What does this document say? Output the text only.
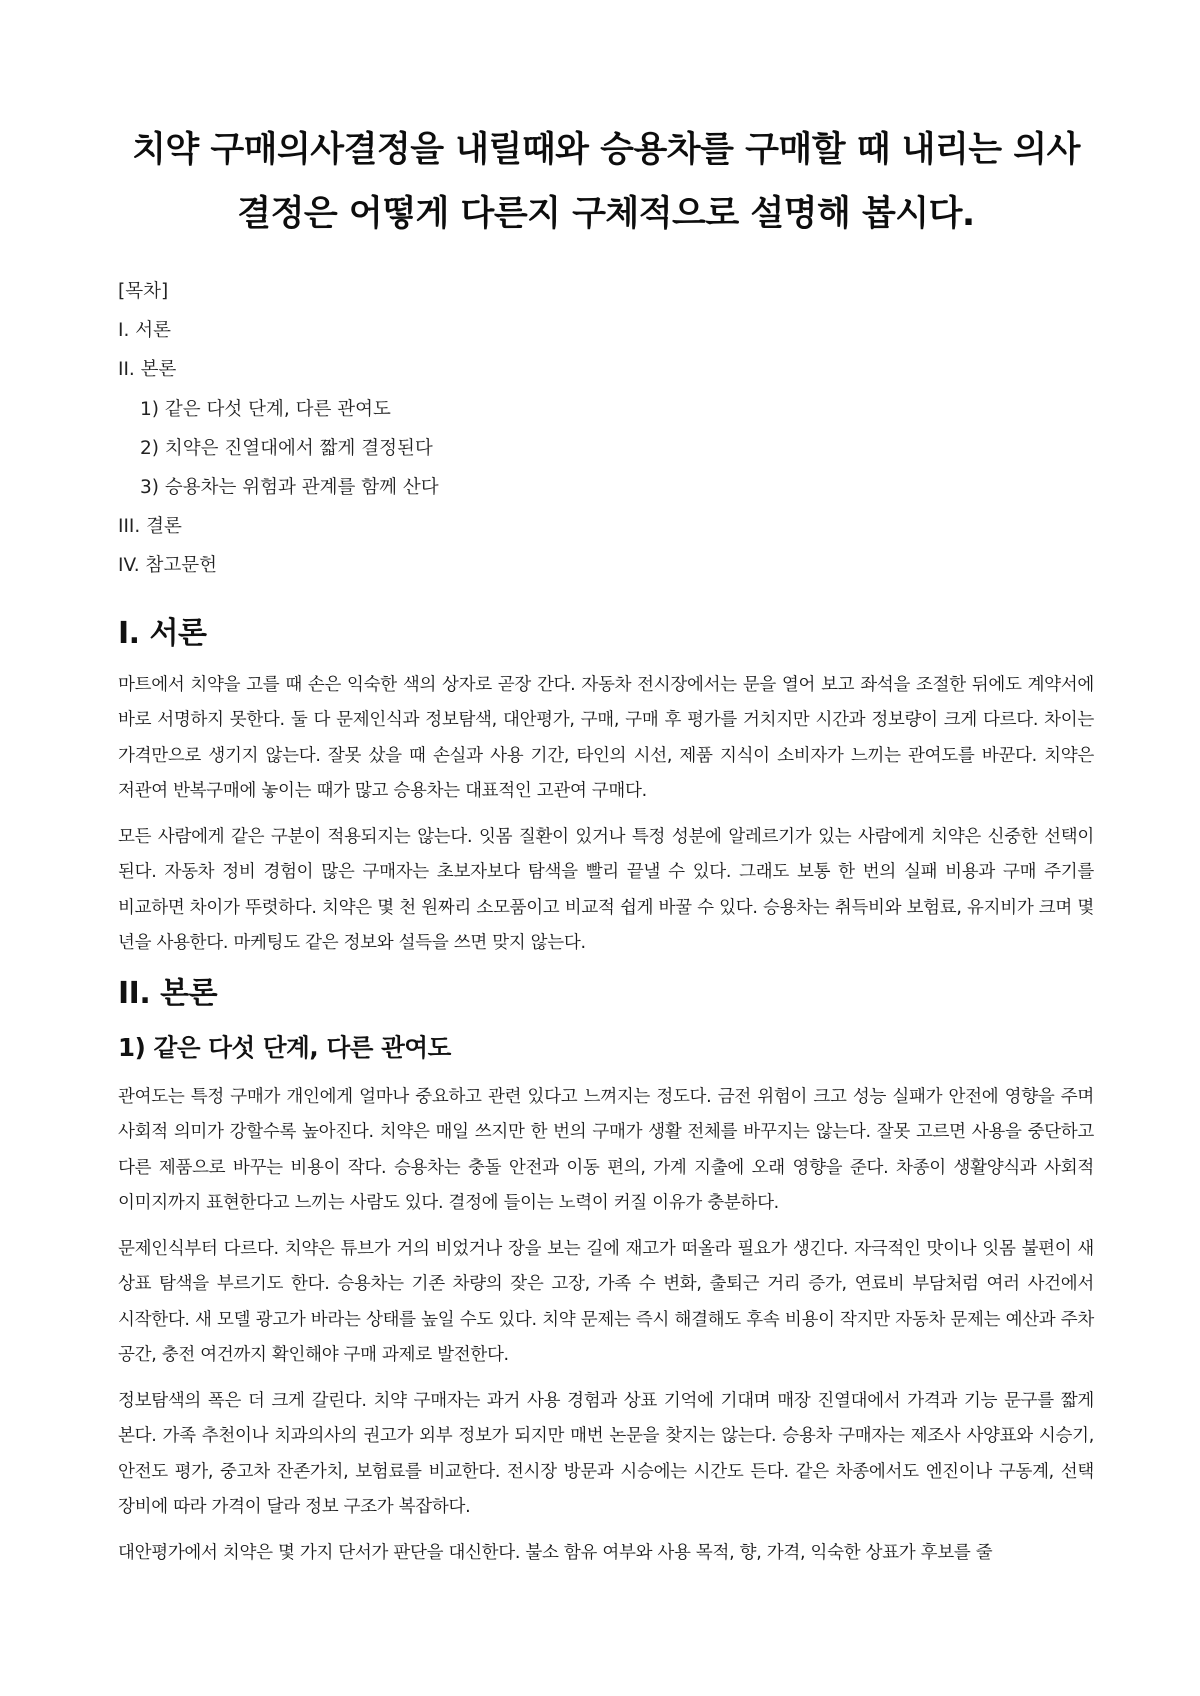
치약 구매의사결정을 내릴때와 승용차를 구매할 때 내리는 의사결정은 어떻게 다른지 구체적으로 설명해 봅시다.
[목차]
I. 서론
II. 본론
1) 같은 다섯 단계, 다른 관여도
2) 치약은 진열대에서 짧게 결정된다
3) 승용차는 위험과 관계를 함께 산다
III. 결론
IV. 참고문헌
I. 서론

마트에서 치약을 고를 때 손은 익숙한 색의 상자로 곧장 간다. 자동차 전시장에서는 문을 열어 보고 좌석을 조절한 뒤에도 계약서에 바로 서명하지 못한다. 둘 다 문제인식과 정보탐색, 대안평가, 구매, 구매 후 평가를 거치지만 시간과 정보량이 크게 다르다. 차이는 가격만으로 생기지 않는다. 잘못 샀을 때 손실과 사용 기간, 타인의 시선, 제품 지식이 소비자가 느끼는 관여도를 바꾼다. 치약은 저관여 반복구매에 놓이는 때가 많고 승용차는 대표적인 고관여 구매다.

모든 사람에게 같은 구분이 적용되지는 않는다. 잇몸 질환이 있거나 특정 성분에 알레르기가 있는 사람에게 치약은 신중한 선택이 된다. 자동차 정비 경험이 많은 구매자는 초보자보다 탐색을 빨리 끝낼 수 있다. 그래도 보통 한 번의 실패 비용과 구매 주기를 비교하면 차이가 뚜렷하다. 치약은 몇 천 원짜리 소모품이고 비교적 쉽게 바꿀 수 있다. 승용차는 취득비와 보험료, 유지비가 크며 몇 년을 사용한다. 마케팅도 같은 정보와 설득을 쓰면 맞지 않는다.

II. 본론
1) 같은 다섯 단계, 다른 관여도

관여도는 특정 구매가 개인에게 얼마나 중요하고 관련 있다고 느껴지는 정도다. 금전 위험이 크고 성능 실패가 안전에 영향을 주며 사회적 의미가 강할수록 높아진다. 치약은 매일 쓰지만 한 번의 구매가 생활 전체를 바꾸지는 않는다. 잘못 고르면 사용을 중단하고 다른 제품으로 바꾸는 비용이 작다. 승용차는 충돌 안전과 이동 편의, 가계 지출에 오래 영향을 준다. 차종이 생활양식과 사회적 이미지까지 표현한다고 느끼는 사람도 있다. 결정에 들이는 노력이 커질 이유가 충분하다.

문제인식부터 다르다. 치약은 튜브가 거의 비었거나 장을 보는 길에 재고가 떠올라 필요가 생긴다. 자극적인 맛이나 잇몸 불편이 새 상표 탐색을 부르기도 한다. 승용차는 기존 차량의 잦은 고장, 가족 수 변화, 출퇴근 거리 증가, 연료비 부담처럼 여러 사건에서 시작한다. 새 모델 광고가 바라는 상태를 높일 수도 있다. 치약 문제는 즉시 해결해도 후속 비용이 작지만 자동차 문제는 예산과 주차 공간, 충전 여건까지 확인해야 구매 과제로 발전한다.

정보탐색의 폭은 더 크게 갈린다. 치약 구매자는 과거 사용 경험과 상표 기억에 기대며 매장 진열대에서 가격과 기능 문구를 짧게 본다. 가족 추천이나 치과의사의 권고가 외부 정보가 되지만 매번 논문을 찾지는 않는다. 승용차 구매자는 제조사 사양표와 시승기, 안전도 평가, 중고차 잔존가치, 보험료를 비교한다. 전시장 방문과 시승에는 시간도 든다. 같은 차종에서도 엔진이나 구동계, 선택 장비에 따라 가격이 달라 정보 구조가 복잡하다.

대안평가에서 치약은 몇 가지 단서가 판단을 대신한다. 불소 함유 여부와 사용 목적, 향, 가격, 익숙한 상표가 후보를 줄
